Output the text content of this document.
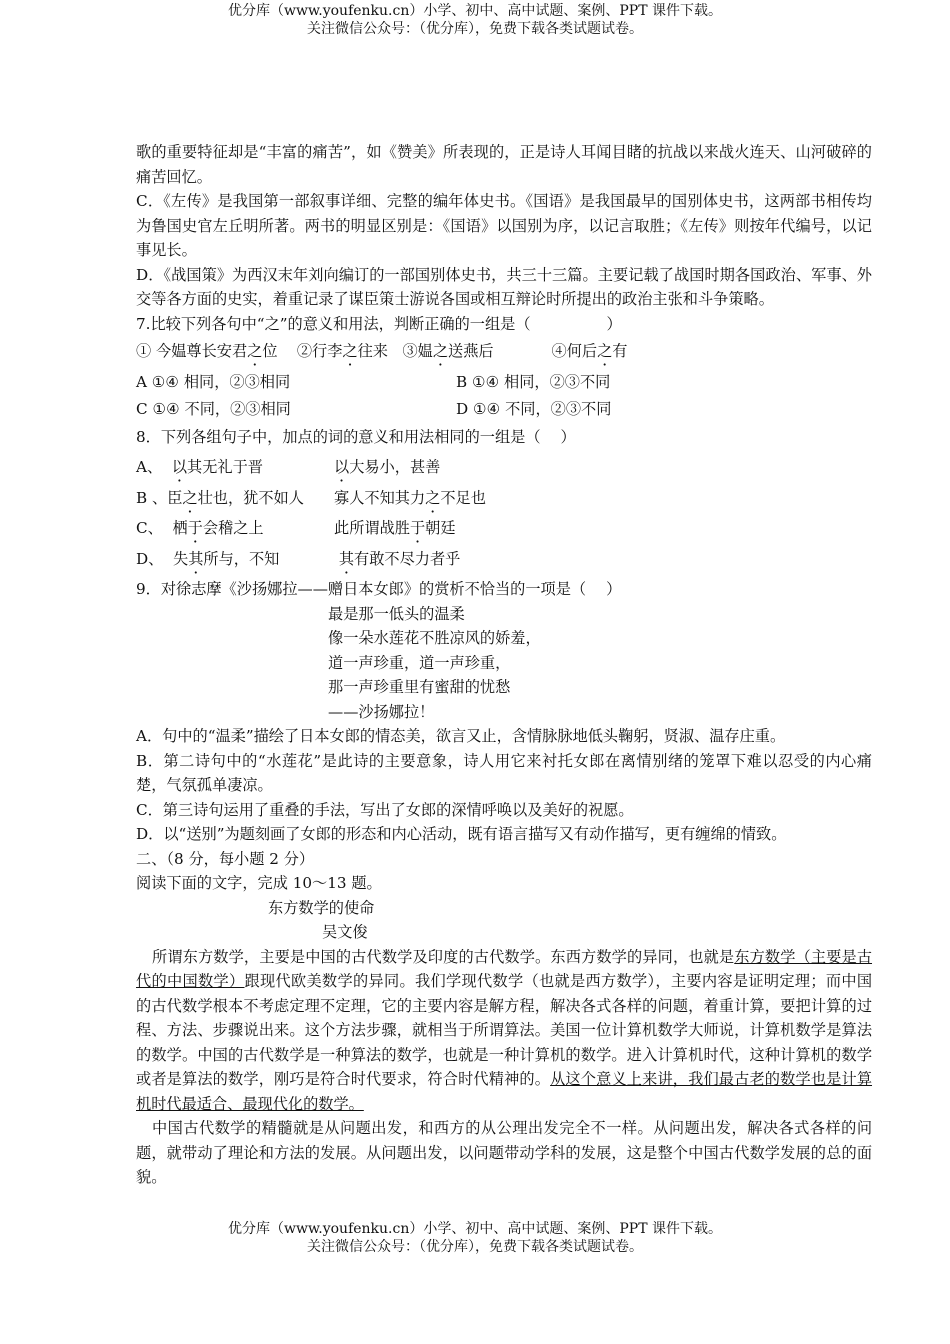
优分库（www.youfenku.cn）小学、初中、高中试题、案例、PPT 课件下载。
关注微信公众号：（优分库），免费下载各类试题试卷。

歌的重要特征却是“丰富的痛苦”，如《赞美》所表现的，正是诗人耳闻目睹的抗战以来战火连天、山河破碎的痛苦回忆。

C．《左传》是我国第一部叙事详细、完整的编年体史书。《国语》是我国最早的国别体史书，这两部书相传均为鲁国史官左丘明所著。两书的明显区别是：《国语》以国别为序，以记言取胜；《左传》则按年代编号，以记事见长。

D．《战国策》为西汉末年刘向编订的一部国别体史书，共三十三篇。主要记载了战国时期各国政治、军事、外交等各方面的史实，着重记录了谋臣策士游说各国或相互辩论时所提出的政治主张和斗争策略。

7.比较下列各句中“之”的意义和用法，判断正确的一组是（　　　　　）

① 今媪尊长安君之位 ②行李之往来 ③媪之送燕后	④何后之有
A ①④ 相同，②③相同	B ①④ 相同，②③不同
C ①④ 不同，②③相同	D ①④ 不同，②③不同

8．下列各组句子中，加点的词的意义和用法相同的一组是（　 ）

A、 以其无礼于晋	以大易小，甚善
B 、臣之壮也，犹不如人	寡人不知其力之不足也
C、 栖于会稽之上	此所谓战胜于朝廷
D、 失其所与，不知	其有敢不尽力者乎

9．对徐志摩《沙扬娜拉——赠日本女郎》的赏析不恰当的一项是（　 ）

最是那一低头的温柔
像一朵水莲花不胜凉风的娇羞，
道一声珍重，道一声珍重，
那一声珍重里有蜜甜的忧愁
——沙扬娜拉！

A．句中的“温柔”描绘了日本女郎的情态美，欲言又止，含情脉脉地低头鞠躬，贤淑、温存庄重。

B．第二诗句中的“水莲花”是此诗的主要意象，诗人用它来衬托女郎在离情别绪的笼罩下难以忍受的内心痛楚，气氛孤单凄凉。

C．第三诗句运用了重叠的手法，写出了女郎的深情呼唤以及美好的祝愿。

D．以“送别”为题刻画了女郎的形态和内心活动，既有语言描写又有动作描写，更有缠绵的情致。

二、（8 分，每小题 2 分）

阅读下面的文字，完成 10～13 题。

东方数学的使命
吴文俊

所谓东方数学，主要是中国的古代数学及印度的古代数学。东西方数学的异同，也就是东方数学（主要是古代的中国数学）跟现代欧美数学的异同。我们学现代数学（也就是西方数学），主要内容是证明定理；而中国的古代数学根本不考虑定理不定理，它的主要内容是解方程，解决各式各样的问题，着重计算，要把计算的过程、方法、步骤说出来。这个方法步骤，就相当于所谓算法。美国一位计算机数学大师说，计算机数学是算法的数学。中国的古代数学是一种算法的数学，也就是一种计算机的数学。进入计算机时代，这种计算机的数学或者是算法的数学，刚巧是符合时代要求，符合时代精神的。从这个意义上来讲，我们最古老的数学也是计算机时代最适合、最现代化的数学。

中国古代数学的精髓就是从问题出发，和西方的从公理出发完全不一样。从问题出发，解决各式各样的问题，就带动了理论和方法的发展。从问题出发，以问题带动学科的发展，这是整个中国古代数学发展的总的面貌。

优分库（www.youfenku.cn）小学、初中、高中试题、案例、PPT 课件下载。
关注微信公众号：（优分库），免费下载各类试题试卷。
